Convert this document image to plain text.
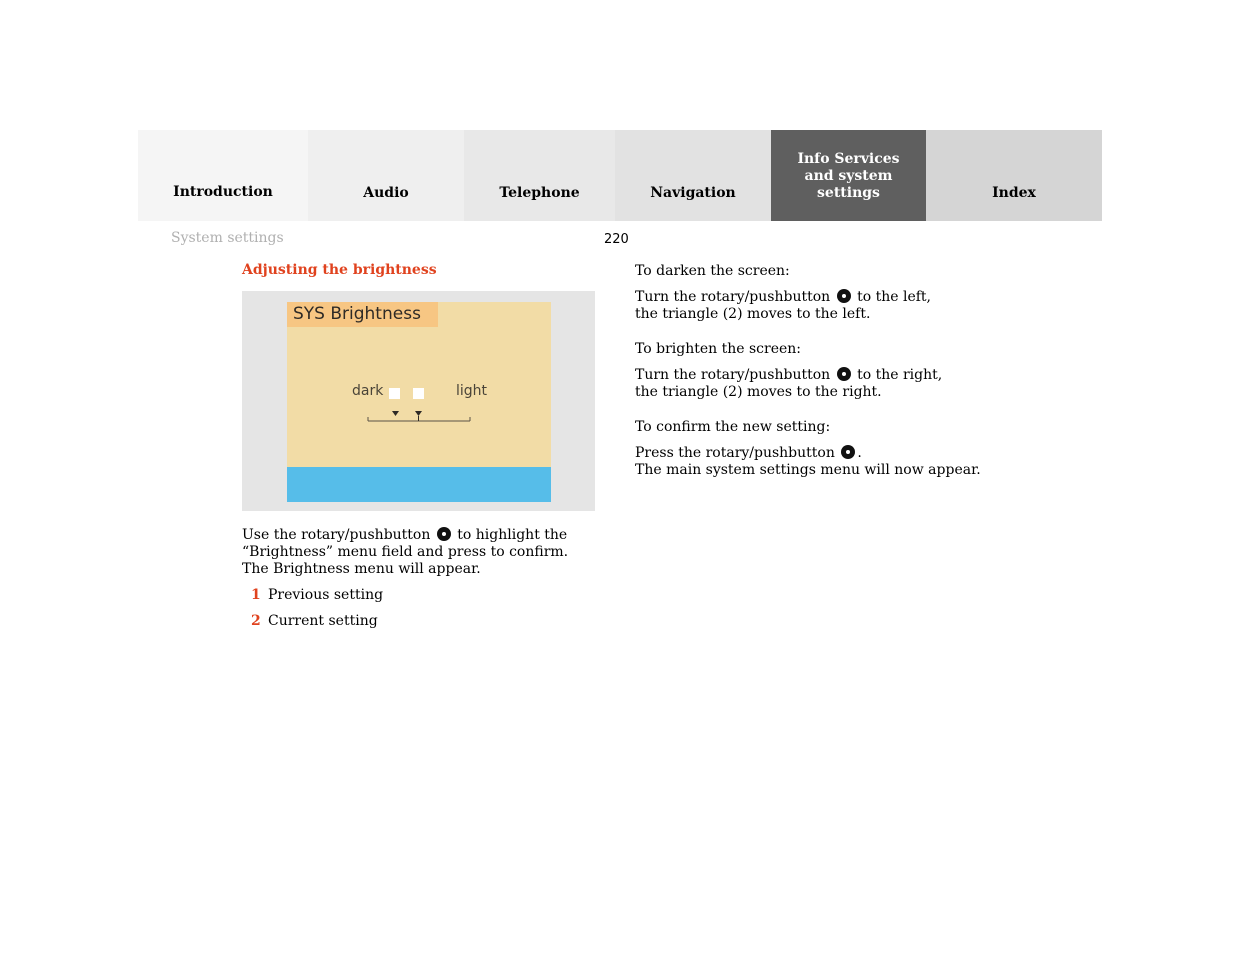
Introduction	Audio	Telephone	Navigation
Info Services and system settings	Index
System settings	220
Adjusting the brightness
SYS Brightness
dark	light
Use the rotary/pushbutton to highlight the
“Brightness” menu field and press to confirm.
The Brightness menu will appear.
1 Previous setting
2 Current setting
To darken the screen:
Turn the rotary/pushbutton to the left,
the triangle (2) moves to the left.
To brighten the screen:
Turn the rotary/pushbutton to the right,
the triangle (2) moves to the right.
To confirm the new setting:
Press the rotary/pushbutton .
The main system settings menu will now appear.
